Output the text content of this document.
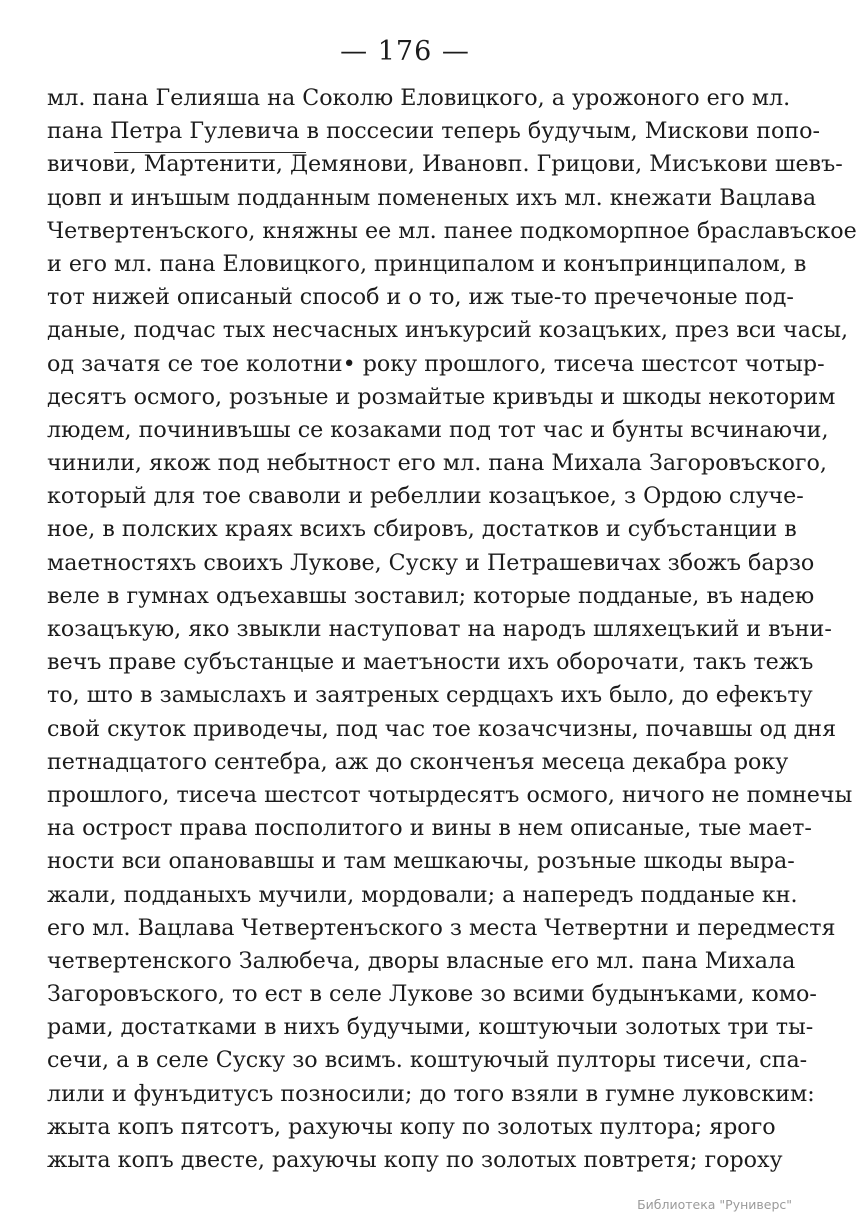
— 176 —
мл. пана Гелияша на Соколю Еловицкого, а урожоного его мл.
пана Петра Гулевича в поссесии теперь будучым, Мискови попо-
вичови, Мартенити, Демянови, Ивановп. Грицови, Мисъкови шевъ-
цовп и инъшым подданным помененых ихъ мл. кнежати Вацлава
Четвертенъского, княжны ее мл. панее подкоморпное браславъское
и его мл. пана Еловицкого, принципалом и конъпринципалом, в
тот нижей описаный способ и о то, иж тые-то пречечоные под-
даные, подчас тых несчасных инъкурсий козацъких, през вси часы,
од зачатя се тое колотни• року прошлого, тисеча шестсот чотыр-
десятъ осмого, розъные и розмайтые кривъды и шкоды некоторим
людем, починивъшы се козаками под тот час и бунты всчинаючи,
чинили, якож под небытност его мл. пана Михала Загоровъского,
который для тое сваволи и ребеллии козацъкое, з Ордою случе-
ное, в полских краях всихъ сбировъ, достатков и субъстанции в
маетностяхъ своихъ Лукове, Суску и Петрашевичах збожъ барзо
веле в гумнах одъехавшы зоставил; которые подданые, въ надею
козацъкую, яко звыкли наступоват на народъ шляхецъкий и въни-
вечъ праве субъстанцые и маетъности ихъ оборочати, такъ тежъ
то, што в замыслахъ и заятреных сердцахъ ихъ было, до ефекъту
свой скуток приводечы, под час тое козачсчизны, почавшы од дня
петнадцатого сентебра, аж до сконченъя месеца декабра року
прошлого, тисеча шестсот чотырдесятъ осмого, ничого не помнечы
на острост права посполитого и вины в нем описаные, тые мает-
ности вси опановавшы и там мешкаючы, розъные шкоды выра-
жали, подданыхъ мучили, мордовали; а напередъ подданые кн.
его мл. Вацлава Четвертенъского з места Четвертни и передместя
четвертенского Залюбеча, дворы власные его мл. пана Михала
Загоровъского, то ест в селе Лукове зо всими будынъками, комо-
рами, достатками в нихъ будучыми, коштуючыи золотых три ты-
сечи, а в селе Суску зо всимъ. коштуючый пулторы тисечи, спа-
лили и фунъдитусъ позносили; до того взяли в гумне луковским:
жыта копъ пятсотъ, рахуючы копу по золотых пултора; ярого
жыта копъ двесте, рахуючы копу по золотых повтретя; гороху
Библиотека "Руниверс"
